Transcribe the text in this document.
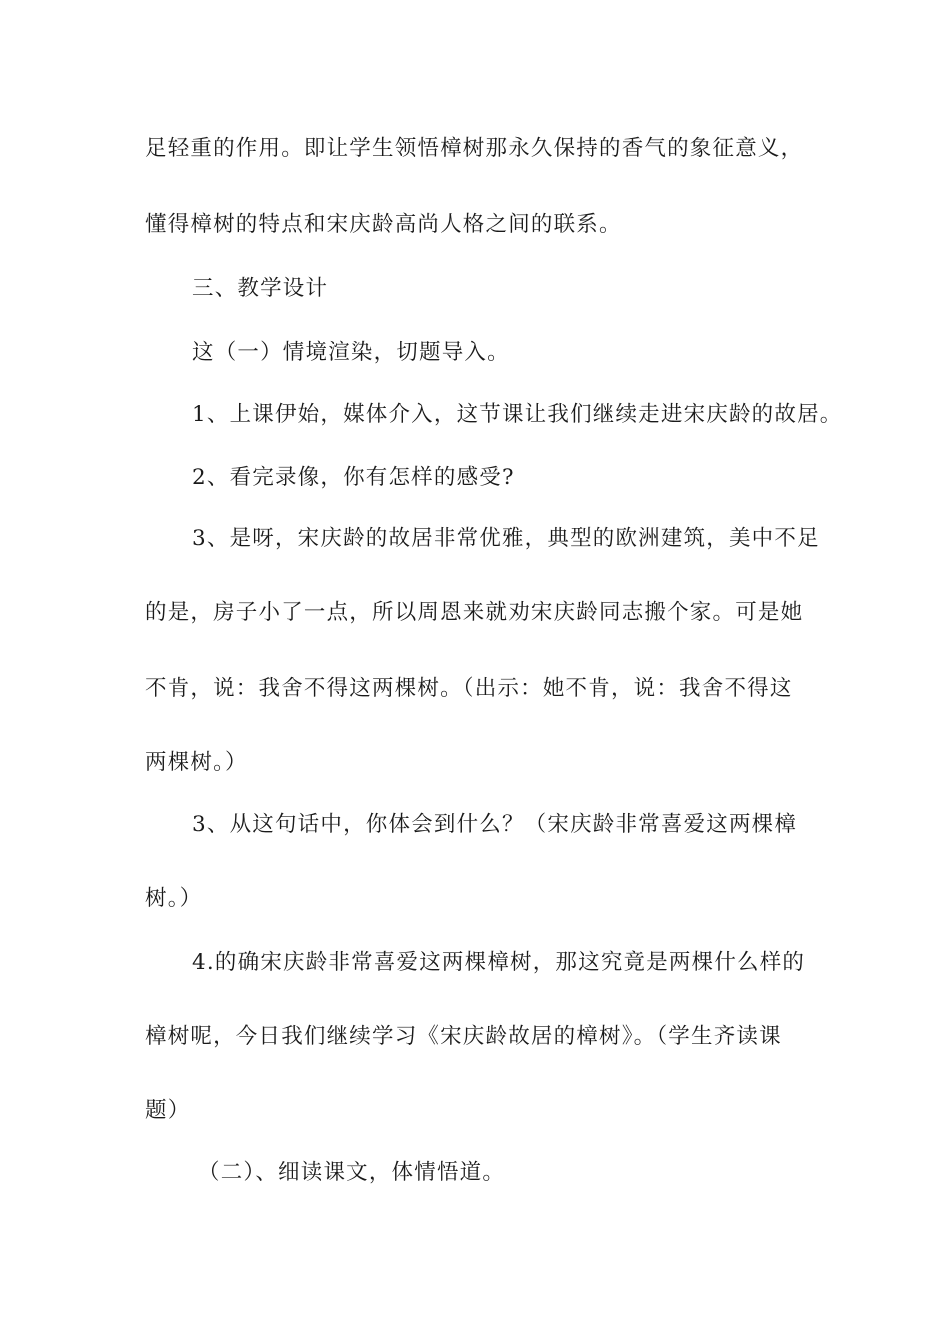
足轻重的作用。即让学生领悟樟树那永久保持的香气的象征意义，
懂得樟树的特点和宋庆龄高尚人格之间的联系。
三、教学设计
这（一）情境渲染，切题导入。
1、上课伊始，媒体介入，这节课让我们继续走进宋庆龄的故居。
2、看完录像，你有怎样的感受?
3、是呀，宋庆龄的故居非常优雅，典型的欧洲建筑，美中不足
的是，房子小了一点，所以周恩来就劝宋庆龄同志搬个家。可是她
不肯，说：我舍不得这两棵树。（出示：她不肯，说：我舍不得这
两棵树。）
3、从这句话中，你体会到什么？（宋庆龄非常喜爱这两棵樟
树。）
4.的确宋庆龄非常喜爱这两棵樟树，那这究竟是两棵什么样的
樟树呢，今日我们继续学习《宋庆龄故居的樟树》。（学生齐读课
题）
（二）、细读课文，体情悟道。
